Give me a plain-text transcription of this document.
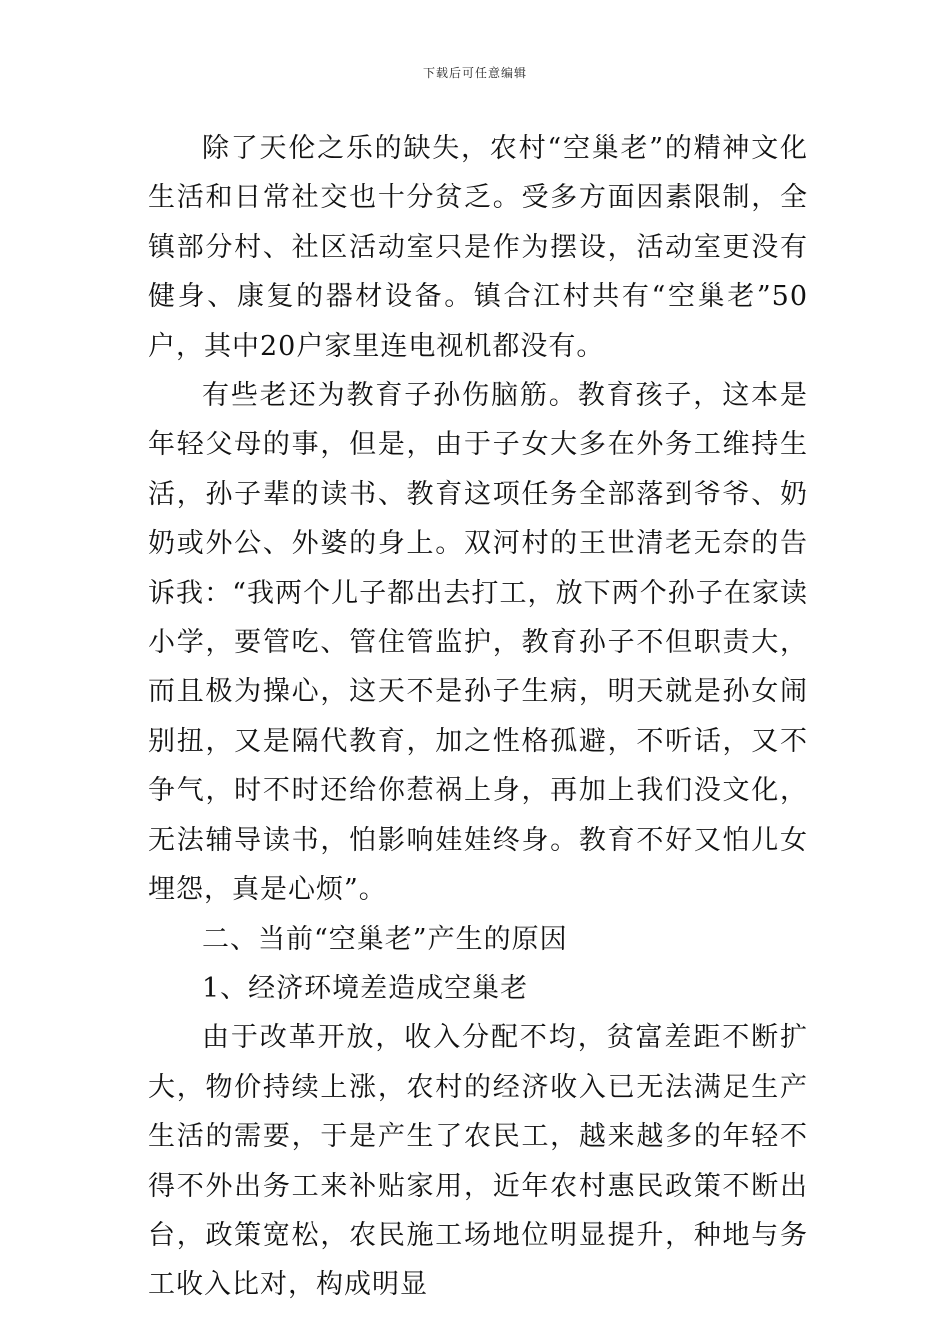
下载后可任意编辑

除了天伦之乐的缺失，农村“空巢老”的精神文化生活和日常社交也十分贫乏。受多方面因素限制，全镇部分村、社区活动室只是作为摆设，活动室更没有健身、康复的器材设备。镇合江村共有“空巢老”50户，其中20户家里连电视机都没有。

有些老还为教育子孙伤脑筋。教育孩子，这本是年轻父母的事，但是，由于子女大多在外务工维持生活，孙子辈的读书、教育这项任务全部落到爷爷、奶奶或外公、外婆的身上。双河村的王世清老无奈的告诉我：“我两个儿子都出去打工，放下两个孙子在家读小学，要管吃、管住管监护，教育孙子不但职责大，而且极为操心，这天不是孙子生病，明天就是孙女闹别扭，又是隔代教育，加之性格孤避，不听话，又不争气，时不时还给你惹祸上身，再加上我们没文化，无法辅导读书，怕影响娃娃终身。教育不好又怕儿女埋怨，真是心烦”。

二、当前“空巢老”产生的原因

1、经济环境差造成空巢老

由于改革开放，收入分配不均，贫富差距不断扩大，物价持续上涨，农村的经济收入已无法满足生产生活的需要，于是产生了农民工，越来越多的年轻不得不外出务工来补贴家用，近年农村惠民政策不断出台，政策宽松，农民施工场地位明显提升，种地与务工收入比对，构成明显
